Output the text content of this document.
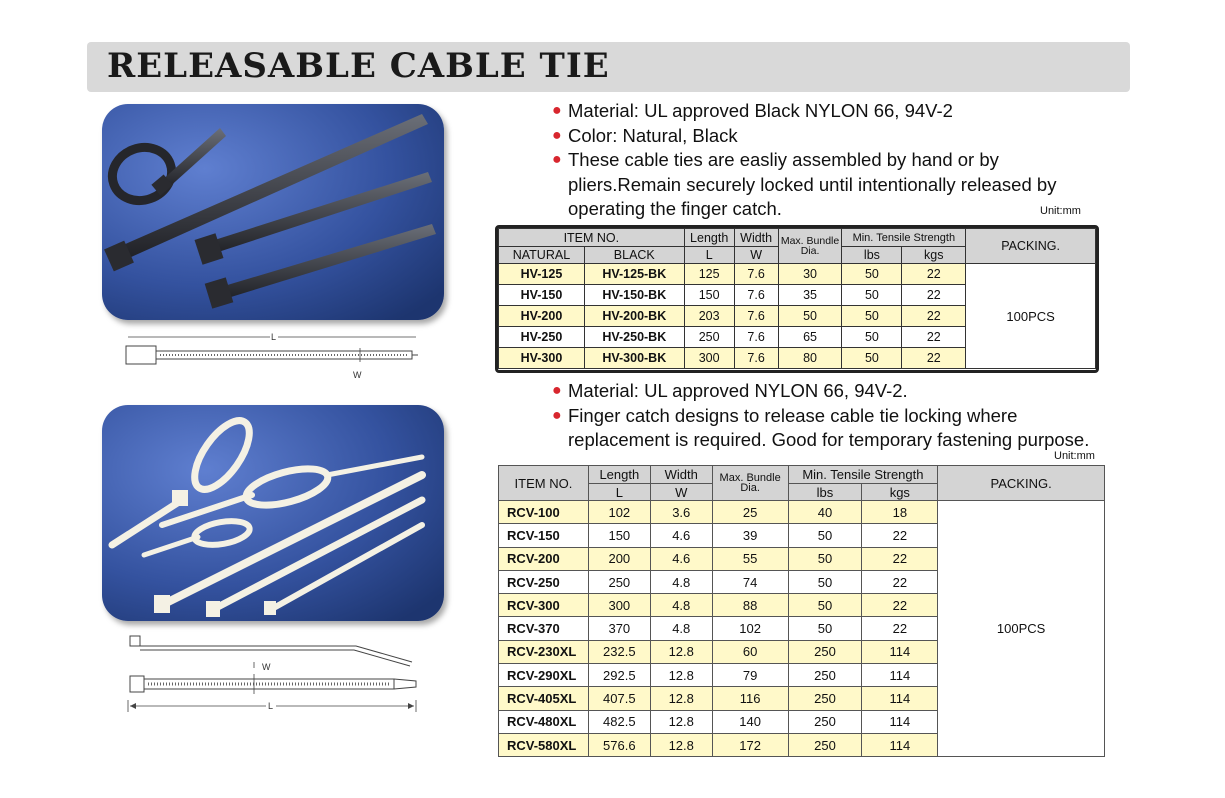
RELEASABLE CABLE TIE
L
W
W
L
● Material: UL approved Black NYLON 66, 94V-2
● Color: Natural, Black
● These cable ties are easliy assembled by hand or by pliers.Remain securely locked until intentionally released by operating the finger catch.	Unit:mm
ITEM NO.		Length	Width	Max. Bundle Dia.	Min. Tensile Strength		PACKING.
NATURAL	BLACK	L	W		lbs	kgs	
HV-125	HV-125-BK	125	7.6	30	50	22	100PCS
HV-150	HV-150-BK	150	7.6	35	50	22	
HV-200	HV-200-BK	203	7.6	50	50	22	
HV-250	HV-250-BK	250	7.6	65	50	22	
HV-300	HV-300-BK	300	7.6	80	50	22	
● Material: UL approved NYLON 66, 94V-2.
● Finger catch designs to release cable tie locking where replacement is required. Good for temporary fastening purpose.
Unit:mm
ITEM NO.	Length	Width	Max. Bundle Dia.	Min. Tensile Strength		PACKING.
	L	W		lbs	kgs	
RCV-100	102	3.6	25	40	18	100PCS
RCV-150	150	4.6	39	50	22	
RCV-200	200	4.6	55	50	22	
RCV-250	250	4.8	74	50	22	
RCV-300	300	4.8	88	50	22	
RCV-370	370	4.8	102	50	22	
RCV-230XL	232.5	12.8	60	250	114	
RCV-290XL	292.5	12.8	79	250	114	
RCV-405XL	407.5	12.8	116	250	114	
RCV-480XL	482.5	12.8	140	250	114	
RCV-580XL	576.6	12.8	172	250	114	
